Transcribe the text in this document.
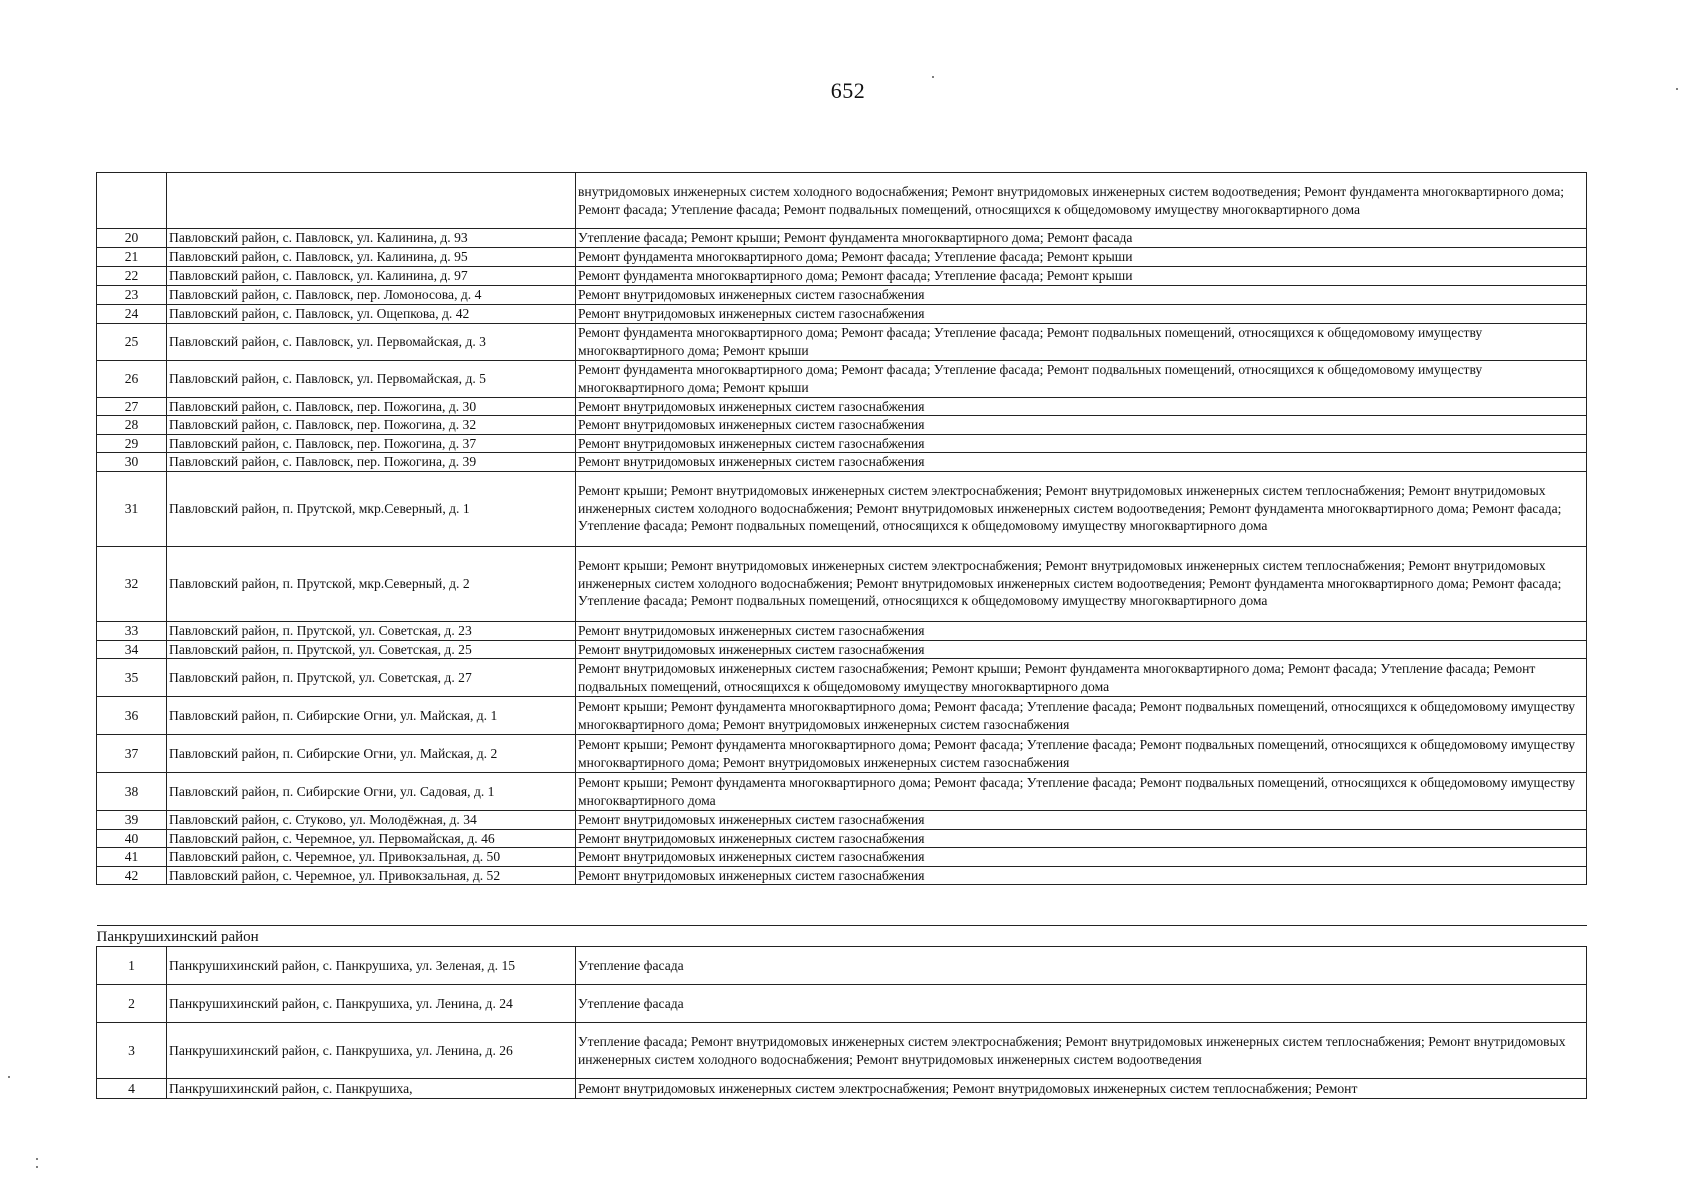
652
		внутридомовых инженерных систем холодного водоснабжения; Ремонт внутридомовых инженерных систем водоотведения; Ремонт фундамента многоквартирного дома; Ремонт фасада; Утепление фасада; Ремонт подвальных помещений, относящихся к общедомовому имуществу многоквартирного дома
20	Павловский район, с. Павловск, ул. Калинина, д. 93	Утепление фасада; Ремонт крыши; Ремонт фундамента многоквартирного дома; Ремонт фасада
21	Павловский район, с. Павловск, ул. Калинина, д. 95	Ремонт фундамента многоквартирного дома; Ремонт фасада; Утепление фасада; Ремонт крыши
22	Павловский район, с. Павловск, ул. Калинина, д. 97	Ремонт фундамента многоквартирного дома; Ремонт фасада; Утепление фасада; Ремонт крыши
23	Павловский район, с. Павловск, пер. Ломоносова, д. 4	Ремонт внутридомовых инженерных систем газоснабжения
24	Павловский район, с. Павловск, ул. Ощепкова, д. 42	Ремонт внутридомовых инженерных систем газоснабжения
25	Павловский район, с. Павловск, ул. Первомайская, д. 3	Ремонт фундамента многоквартирного дома; Ремонт фасада; Утепление фасада; Ремонт подвальных помещений, относящихся к общедомовому имуществу многоквартирного дома; Ремонт крыши
26	Павловский район, с. Павловск, ул. Первомайская, д. 5	Ремонт фундамента многоквартирного дома; Ремонт фасада; Утепление фасада; Ремонт подвальных помещений, относящихся к общедомовому имуществу многоквартирного дома; Ремонт крыши
27	Павловский район, с. Павловск, пер. Пожогина, д. 30	Ремонт внутридомовых инженерных систем газоснабжения
28	Павловский район, с. Павловск, пер. Пожогина, д. 32	Ремонт внутридомовых инженерных систем газоснабжения
29	Павловский район, с. Павловск, пер. Пожогина, д. 37	Ремонт внутридомовых инженерных систем газоснабжения
30	Павловский район, с. Павловск, пер. Пожогина, д. 39	Ремонт внутридомовых инженерных систем газоснабжения
31	Павловский район, п. Прутской, мкр.Северный, д. 1	Ремонт крыши; Ремонт внутридомовых инженерных систем электроснабжения; Ремонт внутридомовых инженерных систем теплоснабжения; Ремонт внутридомовых инженерных систем холодного водоснабжения; Ремонт внутридомовых инженерных систем водоотведения; Ремонт фундамента многоквартирного дома; Ремонт фасада; Утепление фасада; Ремонт подвальных помещений, относящихся к общедомовому имуществу многоквартирного дома
32	Павловский район, п. Прутской, мкр.Северный, д. 2	Ремонт крыши; Ремонт внутридомовых инженерных систем электроснабжения; Ремонт внутридомовых инженерных систем теплоснабжения; Ремонт внутридомовых инженерных систем холодного водоснабжения; Ремонт внутридомовых инженерных систем водоотведения; Ремонт фундамента многоквартирного дома; Ремонт фасада; Утепление фасада; Ремонт подвальных помещений, относящихся к общедомовому имуществу многоквартирного дома
33	Павловский район, п. Прутской, ул. Советская, д. 23	Ремонт внутридомовых инженерных систем газоснабжения
34	Павловский район, п. Прутской, ул. Советская, д. 25	Ремонт внутридомовых инженерных систем газоснабжения
35	Павловский район, п. Прутской, ул. Советская, д. 27	Ремонт внутридомовых инженерных систем газоснабжения; Ремонт крыши; Ремонт фундамента многоквартирного дома; Ремонт фасада; Утепление фасада; Ремонт подвальных помещений, относящихся к общедомовому имуществу многоквартирного дома
36	Павловский район, п. Сибирские Огни, ул. Майская, д. 1	Ремонт крыши; Ремонт фундамента многоквартирного дома; Ремонт фасада; Утепление фасада; Ремонт подвальных помещений, относящихся к общедомовому имуществу многоквартирного дома; Ремонт внутридомовых инженерных систем газоснабжения
37	Павловский район, п. Сибирские Огни, ул. Майская, д. 2	Ремонт крыши; Ремонт фундамента многоквартирного дома; Ремонт фасада; Утепление фасада; Ремонт подвальных помещений, относящихся к общедомовому имуществу многоквартирного дома; Ремонт внутридомовых инженерных систем газоснабжения
38	Павловский район, п. Сибирские Огни, ул. Садовая, д. 1	Ремонт крыши; Ремонт фундамента многоквартирного дома; Ремонт фасада; Утепление фасада; Ремонт подвальных помещений, относящихся к общедомовому имуществу многоквартирного дома
39	Павловский район, с. Стуково, ул. Молодёжная, д. 34	Ремонт внутридомовых инженерных систем газоснабжения
40	Павловский район, с. Черемное, ул. Первомайская, д. 46	Ремонт внутридомовых инженерных систем газоснабжения
41	Павловский район, с. Черемное, ул. Привокзальная, д. 50	Ремонт внутридомовых инженерных систем газоснабжения
42	Павловский район, с. Черемное, ул. Привокзальная, д. 52	Ремонт внутридомовых инженерных систем газоснабжения

Панкрушихинский район		
1	Панкрушихинский район, с. Панкрушиха, ул. Зеленая, д. 15	Утепление фасада
2	Панкрушихинский район, с. Панкрушиха, ул. Ленина, д. 24	Утепление фасада
3	Панкрушихинский район, с. Панкрушиха, ул. Ленина, д. 26	Утепление фасада; Ремонт внутридомовых инженерных систем электроснабжения; Ремонт внутридомовых инженерных систем теплоснабжения; Ремонт внутридомовых инженерных систем холодного водоснабжения; Ремонт внутридомовых инженерных систем водоотведения
4	Панкрушихинский район, с. Панкрушиха,	Ремонт внутридомовых инженерных систем электроснабжения; Ремонт внутридомовых инженерных систем теплоснабжения; Ремонт
